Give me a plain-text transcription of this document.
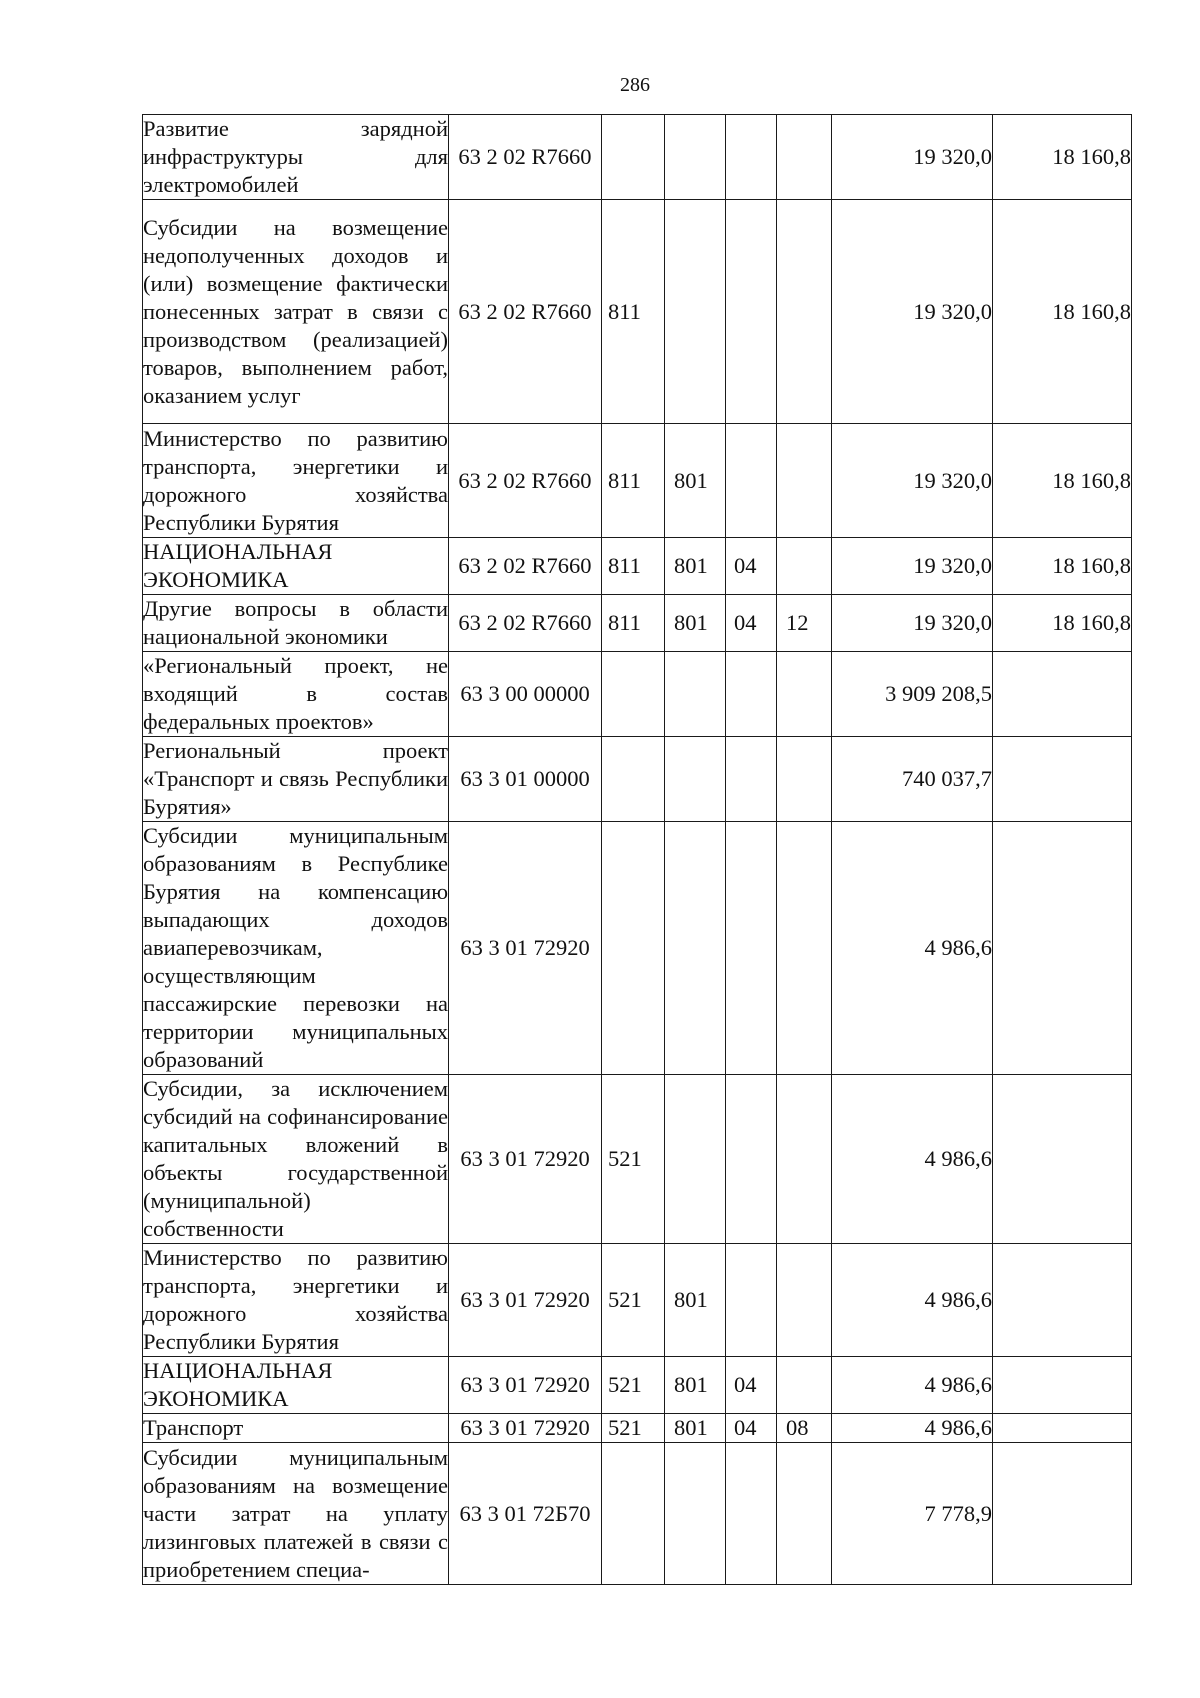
286
Развитие зарядной инфраструктуры для электромобилей	63 2 02 R7660					19 320,0	18 160,8

Субсидии на возмещение недополученных доходов и (или) возмещение фактически понесенных затрат в связи с производством (реализацией) товаров, выполнением работ, оказанием услуг	63 2 02 R7660	811				19 320,0	18 160,8

Министерство по развитию транспорта, энергетики и дорожного хозяйства Республики Бурятия	63 2 02 R7660	811	801			19 320,0	18 160,8

НАЦИОНАЛЬНАЯ ЭКОНОМИКА	63 2 02 R7660	811	801	04		19 320,0	18 160,8

Другие вопросы в области национальной экономики	63 2 02 R7660	811	801	04	12	19 320,0	18 160,8

«Региональный проект, не входящий в состав федеральных проектов»	63 3 00 00000					3 909 208,5	

Региональный проект «Транспорт и связь Республики Бурятия»	63 3 01 00000					740 037,7	

Субсидии муниципальным образованиям в Республике Бурятия на компенсацию выпадающих доходов авиаперевозчикам, осуществляющим пассажирские перевозки на территории муниципальных образований	63 3 01 72920					4 986,6	

Субсидии, за исключением субсидий на софинансирование капитальных вложений в объекты государственной (муниципальной) собственности	63 3 01 72920	521				4 986,6	

Министерство по развитию транспорта, энергетики и дорожного хозяйства Республики Бурятия	63 3 01 72920	521	801			4 986,6	

НАЦИОНАЛЬНАЯ ЭКОНОМИКА	63 3 01 72920	521	801	04		4 986,6	

Транспорт	63 3 01 72920	521	801	04	08	4 986,6	

Субсидии муниципальным образованиям на возмещение части затрат на уплату лизинговых платежей в связи с приобретением специа-	63 3 01 72Б70					7 778,9	
